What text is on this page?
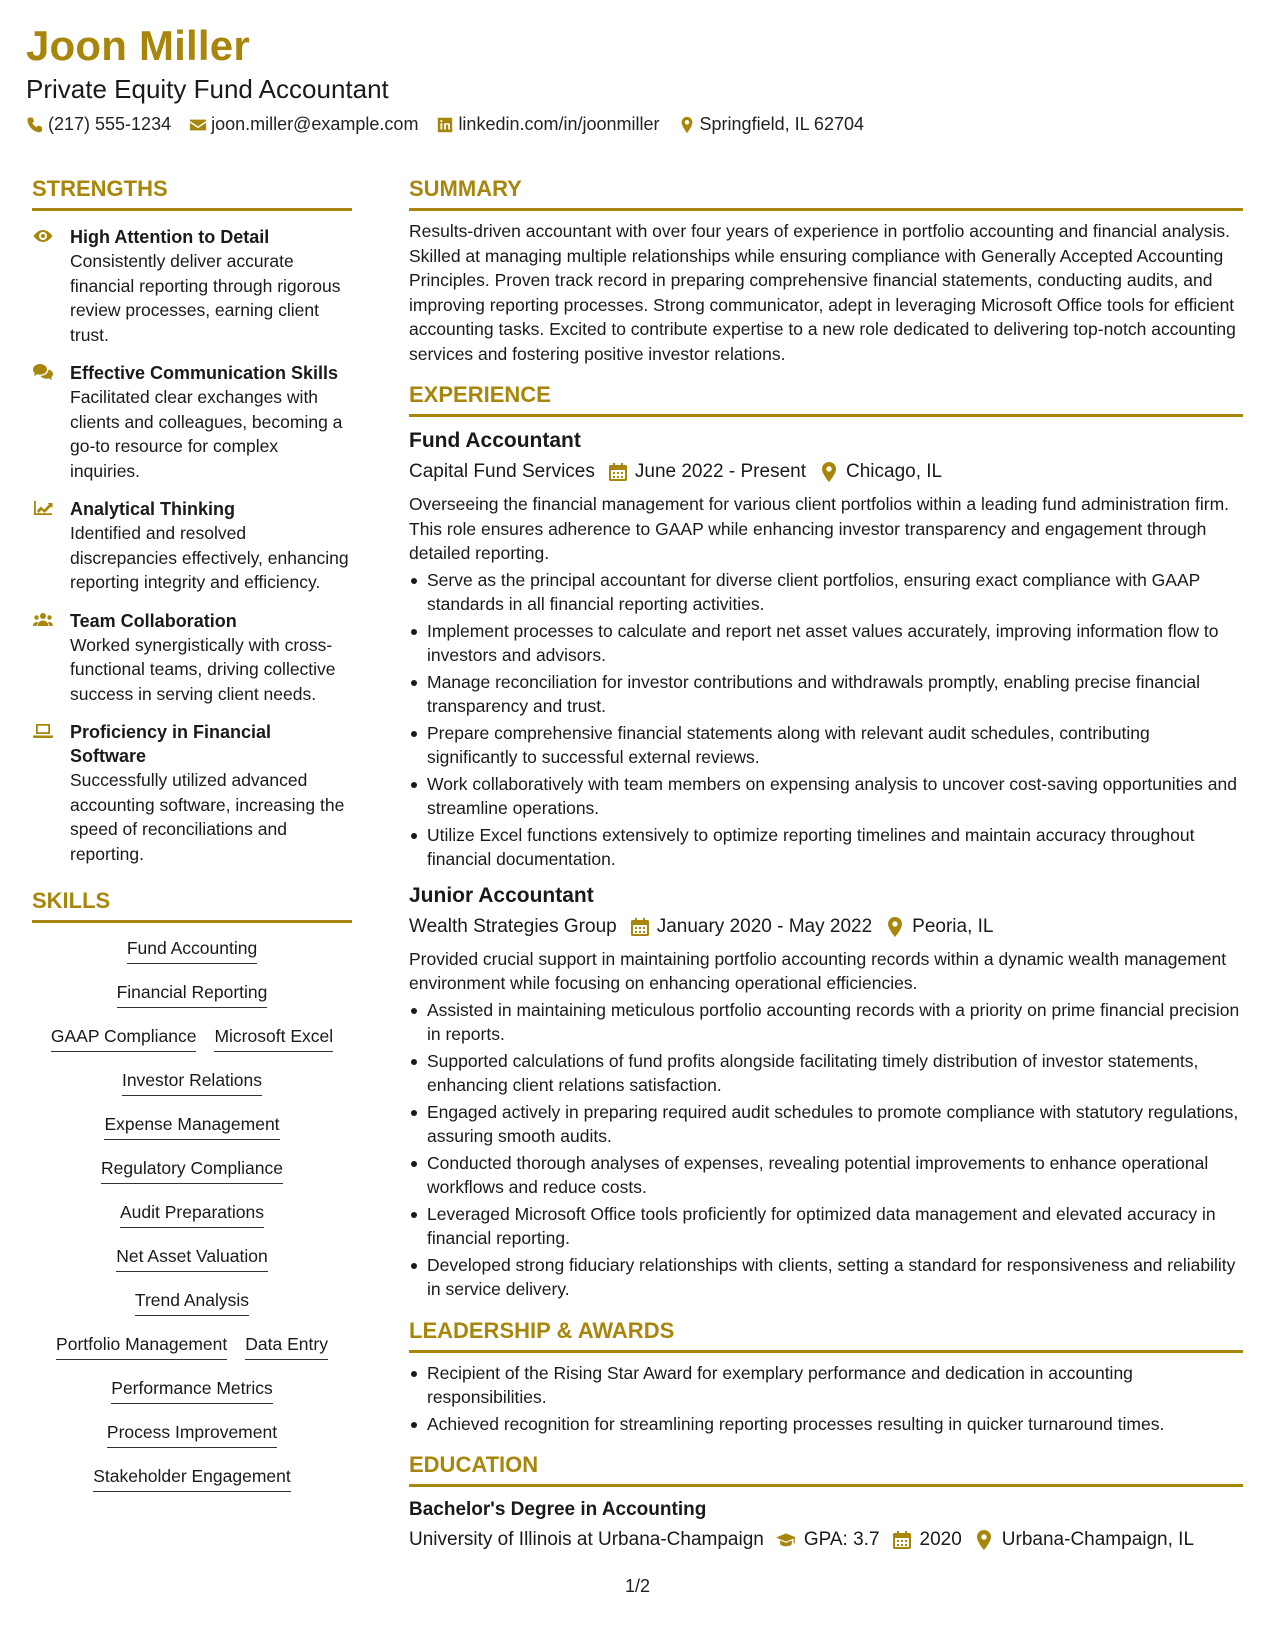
Joon Miller
Private Equity Fund Accountant
(217) 555-1234 joon.miller@example.com linkedin.com/in/joonmiller Springfield, IL 62704
STRENGTHS
High Attention to Detail
Consistently deliver accurate financial reporting through rigorous review processes, earning client trust.
Effective Communication Skills
Facilitated clear exchanges with clients and colleagues, becoming a go-to resource for complex inquiries.
Analytical Thinking
Identified and resolved discrepancies effectively, enhancing reporting integrity and efficiency.
Team Collaboration
Worked synergistically with cross-functional teams, driving collective success in serving client needs.
Proficiency in Financial Software
Successfully utilized advanced accounting software, increasing the speed of reconciliations and reporting.
SKILLS
Fund Accounting
Financial Reporting
GAAP Compliance Microsoft Excel
Investor Relations
Expense Management
Regulatory Compliance
Audit Preparations
Net Asset Valuation
Trend Analysis
Portfolio Management Data Entry
Performance Metrics
Process Improvement
Stakeholder Engagement
SUMMARY
Results-driven accountant with over four years of experience in portfolio accounting and financial analysis. Skilled at managing multiple relationships while ensuring compliance with Generally Accepted Accounting Principles. Proven track record in preparing comprehensive financial statements, conducting audits, and improving reporting processes. Strong communicator, adept in leveraging Microsoft Office tools for efficient accounting tasks. Excited to contribute expertise to a new role dedicated to delivering top-notch accounting services and fostering positive investor relations.
EXPERIENCE
Fund Accountant
Capital Fund Services June 2022 - Present Chicago, IL
Overseeing the financial management for various client portfolios within a leading fund administration firm. This role ensures adherence to GAAP while enhancing investor transparency and engagement through detailed reporting.
Serve as the principal accountant for diverse client portfolios, ensuring exact compliance with GAAP standards in all financial reporting activities.
Implement processes to calculate and report net asset values accurately, improving information flow to investors and advisors.
Manage reconciliation for investor contributions and withdrawals promptly, enabling precise financial transparency and trust.
Prepare comprehensive financial statements along with relevant audit schedules, contributing significantly to successful external reviews.
Work collaboratively with team members on expensing analysis to uncover cost-saving opportunities and streamline operations.
Utilize Excel functions extensively to optimize reporting timelines and maintain accuracy throughout financial documentation.
Junior Accountant
Wealth Strategies Group January 2020 - May 2022 Peoria, IL
Provided crucial support in maintaining portfolio accounting records within a dynamic wealth management environment while focusing on enhancing operational efficiencies.
Assisted in maintaining meticulous portfolio accounting records with a priority on prime financial precision in reports.
Supported calculations of fund profits alongside facilitating timely distribution of investor statements, enhancing client relations satisfaction.
Engaged actively in preparing required audit schedules to promote compliance with statutory regulations, assuring smooth audits.
Conducted thorough analyses of expenses, revealing potential improvements to enhance operational workflows and reduce costs.
Leveraged Microsoft Office tools proficiently for optimized data management and elevated accuracy in financial reporting.
Developed strong fiduciary relationships with clients, setting a standard for responsiveness and reliability in service delivery.
LEADERSHIP & AWARDS
Recipient of the Rising Star Award for exemplary performance and dedication in accounting responsibilities.
Achieved recognition for streamlining reporting processes resulting in quicker turnaround times.
EDUCATION
Bachelor's Degree in Accounting
University of Illinois at Urbana-Champaign GPA: 3.7 2020 Urbana-Champaign, IL
1/2
